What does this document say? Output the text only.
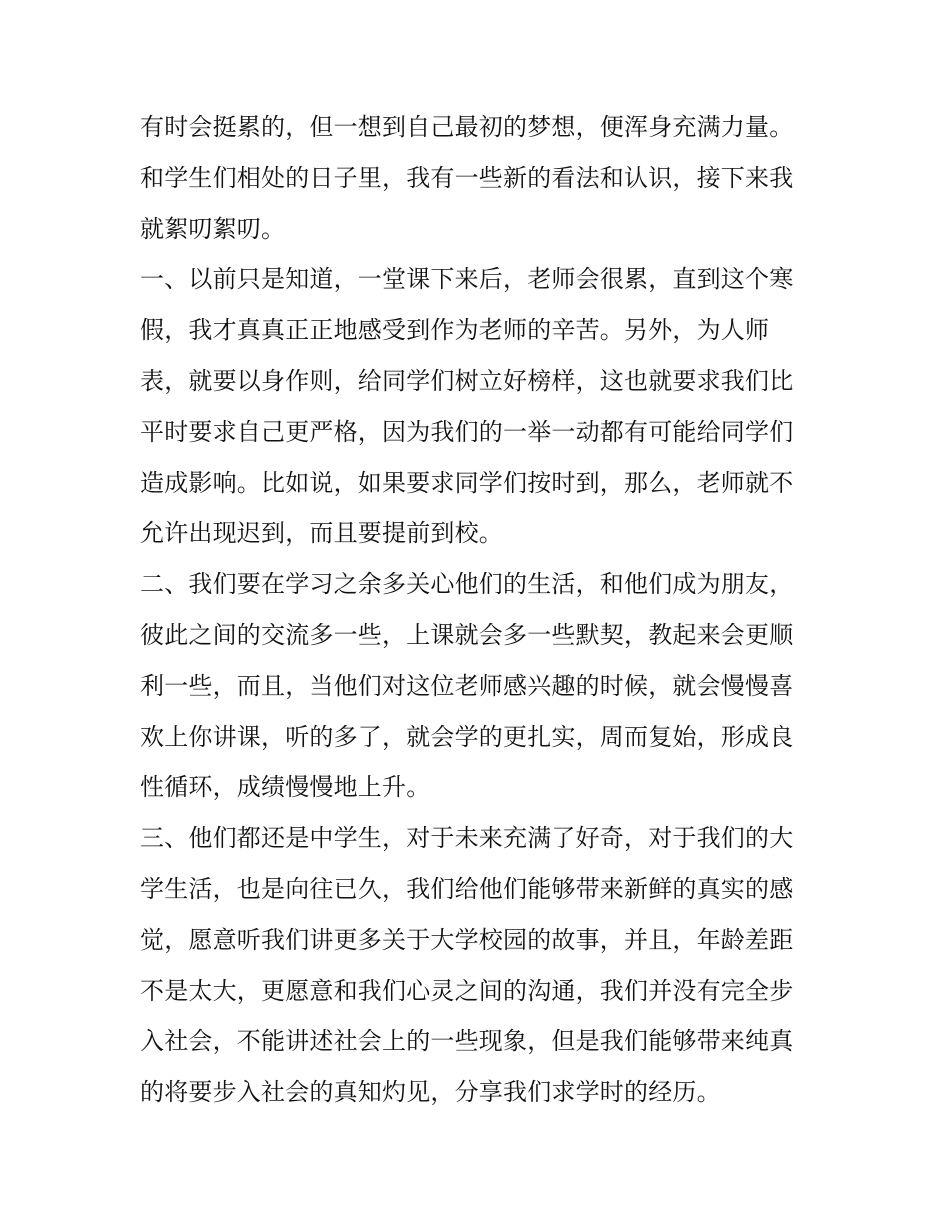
有时会挺累的，但一想到自己最初的梦想，便浑身充满力量。
和学生们相处的日子里，我有一些新的看法和认识，接下来我
就絮叨絮叨。
一、以前只是知道，一堂课下来后，老师会很累，直到这个寒
假，我才真真正正地感受到作为老师的辛苦。另外，为人师
表，就要以身作则，给同学们树立好榜样，这也就要求我们比
平时要求自己更严格，因为我们的一举一动都有可能给同学们
造成影响。比如说，如果要求同学们按时到，那么，老师就不
允许出现迟到，而且要提前到校。
二、我们要在学习之余多关心他们的生活，和他们成为朋友，
彼此之间的交流多一些，上课就会多一些默契，教起来会更顺
利一些，而且，当他们对这位老师感兴趣的时候，就会慢慢喜
欢上你讲课，听的多了，就会学的更扎实，周而复始，形成良
性循环，成绩慢慢地上升。
三、他们都还是中学生，对于未来充满了好奇，对于我们的大
学生活，也是向往已久，我们给他们能够带来新鲜的真实的感
觉，愿意听我们讲更多关于大学校园的故事，并且，年龄差距
不是太大，更愿意和我们心灵之间的沟通，我们并没有完全步
入社会，不能讲述社会上的一些现象，但是我们能够带来纯真
的将要步入社会的真知灼见，分享我们求学时的经历。
